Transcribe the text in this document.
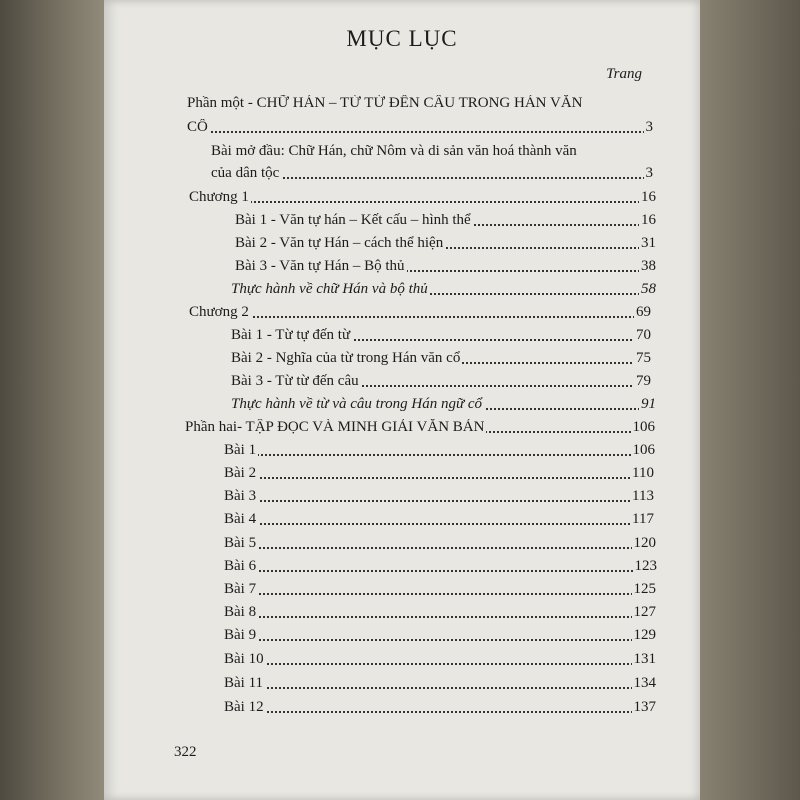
MỤC LỤC
Trang
Phần một - CHỮ HÁN – TỪ TỪ ĐẾN CÂU TRONG HÁN VĂN
CỔ	3
Bài mở đầu: Chữ Hán, chữ Nôm và di sản văn hoá thành văn
của dân tộc	3
Chương 1	16
Bài 1 - Văn tự hán – Kết cấu – hình thể	16
Bài 2 - Văn tự Hán – cách thể hiện	31
Bài 3 - Văn tự Hán – Bộ thủ	38
Thực hành về chữ Hán và bộ thủ	58
Chương 2	69
Bài 1 - Từ tự đến từ	70
Bài 2 - Nghĩa của từ trong Hán văn cổ	75
Bài 3 - Từ từ đến câu	79
Thực hành về từ và câu trong Hán ngữ cổ	91
Phần hai- TẬP ĐỌC VÀ MINH GIẢI VĂN BẢN	106
Bài 1	106
Bài 2	110
Bài 3	113
Bài 4	117
Bài 5	120
Bài 6	123
Bài 7	125
Bài 8	127
Bài 9	129
Bài 10	131
Bài 11	134
Bài 12	137
322
